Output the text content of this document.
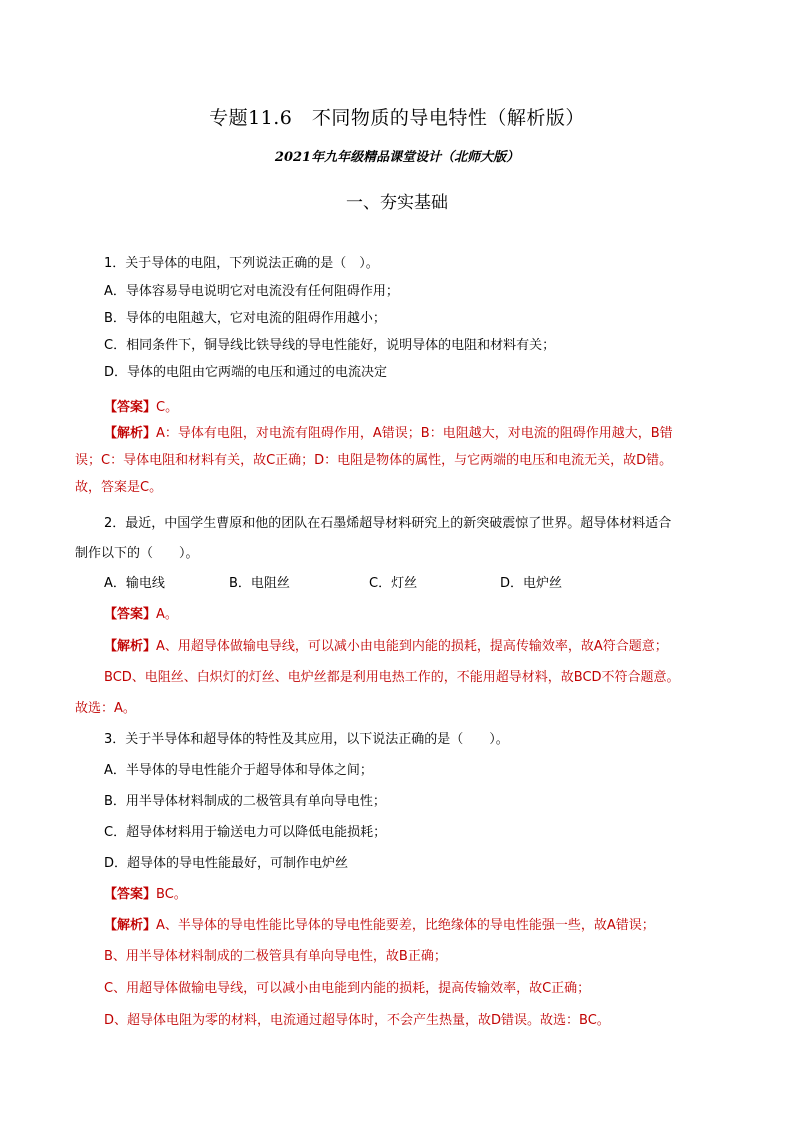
专题11.6　不同物质的导电特性（解析版）
2021年九年级精品课堂设计（北师大版）
一、夯实基础
1．关于导体的电阻，下列说法正确的是（　）。
A．导体容易导电说明它对电流没有任何阻碍作用；
B．导体的电阻越大，它对电流的阻碍作用越小；
C．相同条件下，铜导线比铁导线的导电性能好，说明导体的电阻和材料有关；
D．导体的电阻由它两端的电压和通过的电流决定
【答案】C。
【解析】A：导体有电阻，对电流有阻碍作用，A错误；B：电阻越大，对电流的阻碍作用越大，B错
误；C：导体电阻和材料有关，故C正确；D：电阻是物体的属性，与它两端的电压和电流无关，故D错。
故，答案是C。
2．最近，中国学生曹原和他的团队在石墨烯超导材料研究上的新突破震惊了世界。超导体材料适合
制作以下的（　　）。
A．输电线	B．电阻丝	C．灯丝	D．电炉丝
【答案】A。
【解析】A、用超导体做输电导线，可以减小由电能到内能的损耗，提高传输效率，故A符合题意；
BCD、电阻丝、白炽灯的灯丝、电炉丝都是利用电热工作的，不能用超导材料，故BCD不符合题意。
故选：A。
3．关于半导体和超导体的特性及其应用，以下说法正确的是（　　）。
A．半导体的导电性能介于超导体和导体之间；
B．用半导体材料制成的二极管具有单向导电性；
C．超导体材料用于输送电力可以降低电能损耗；
D．超导体的导电性能最好，可制作电炉丝
【答案】BC。
【解析】A、半导体的导电性能比导体的导电性能要差，比绝缘体的导电性能强一些，故A错误；
B、用半导体材料制成的二极管具有单向导电性，故B正确；
C、用超导体做输电导线，可以减小由电能到内能的损耗，提高传输效率，故C正确；
D、超导体电阻为零的材料，电流通过超导体时，不会产生热量，故D错误。故选：BC。
